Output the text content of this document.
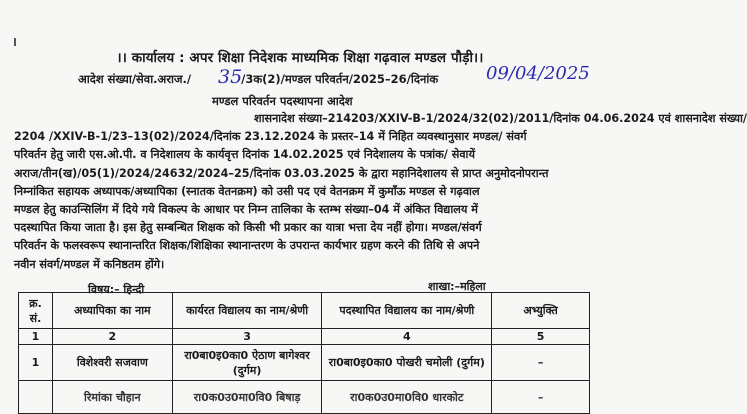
।। कार्यालय : अपर शिक्षा निदेशक माध्यमिक शिक्षा गढ़वाल मण्डल पौड़ी।।
आदेश संख्या/सेवा.अराज./	/3क(2)/मण्डल परिवर्तन/2025–26/दिनांक
35	09/04/2025
मण्डल परिवर्तन पदस्थापना आदेश
शासनादेश संख्या–214203/XXIV-B-1/2024/32(02)/2011/दिनांक 04.06.2024 एवं शासनादेश संख्या/
2204 /XXIV-B-1/23–13(02)/2024/दिनांक 23.12.2024 के प्रस्तर–14 में निहित व्यवस्थानुसार मण्डल/ संवर्ग
परिवर्तन हेतु जारी एस.ओ.पी. व निदेशालय के कार्यवृत्त दिनांक 14.02.2025 एवं निदेशालय के पत्रांक/ सेवायें
अराज/तीन(ख)/05(1)/2024/24632/2024–25/दिनांक 03.03.2025 के द्वारा महानिदेशालय से प्राप्त अनुमोदनोपरान्त
निम्नांकित सहायक अध्यापक/अध्यापिका (स्नातक वेतनक्रम) को उसी पद एवं वेतनक्रम में कुमाँऊ मण्डल से गढ़वाल
मण्डल हेतु काउन्सिलिंग में दिये गये विकल्प के आधार पर निम्न तालिका के स्तम्भ संख्या–04 में अंकित विद्यालय में
पदस्थापित किया जाता है। इस हेतु सम्बन्धित शिक्षक को किसी भी प्रकार का यात्रा भत्ता देय नहीं होगा। मण्डल/संवर्ग
परिवर्तन के फलस्वरूप स्थानान्तरित शिक्षक/शिक्षिका स्थानान्तरण के उपरान्त कार्यभार ग्रहण करने की तिथि से अपने
नवीन संवर्ग/मण्डल में कनिष्ठतम होंगे।
शाखा:–महिला
विषय:– हिन्दी
क्र. सं.	अध्यापिका का नाम	कार्यरत विद्यालय का नाम/श्रेणी	पदस्थापित विद्यालय का नाम/श्रेणी	अभ्युक्ति
1	2	3	4	5
1	विशेश्वरी सजवाण	रा0बा0इ0का0 ऐठाण बागेश्वर (दुर्गम)	रा0बा0इ0का0 पोखरी चमोली (दुर्गम)	–
	रिमांका चौहान	रा0क0उ0मा0वि0 बिषाड़	रा0क0उ0मा0वि0 धारकोट	–
